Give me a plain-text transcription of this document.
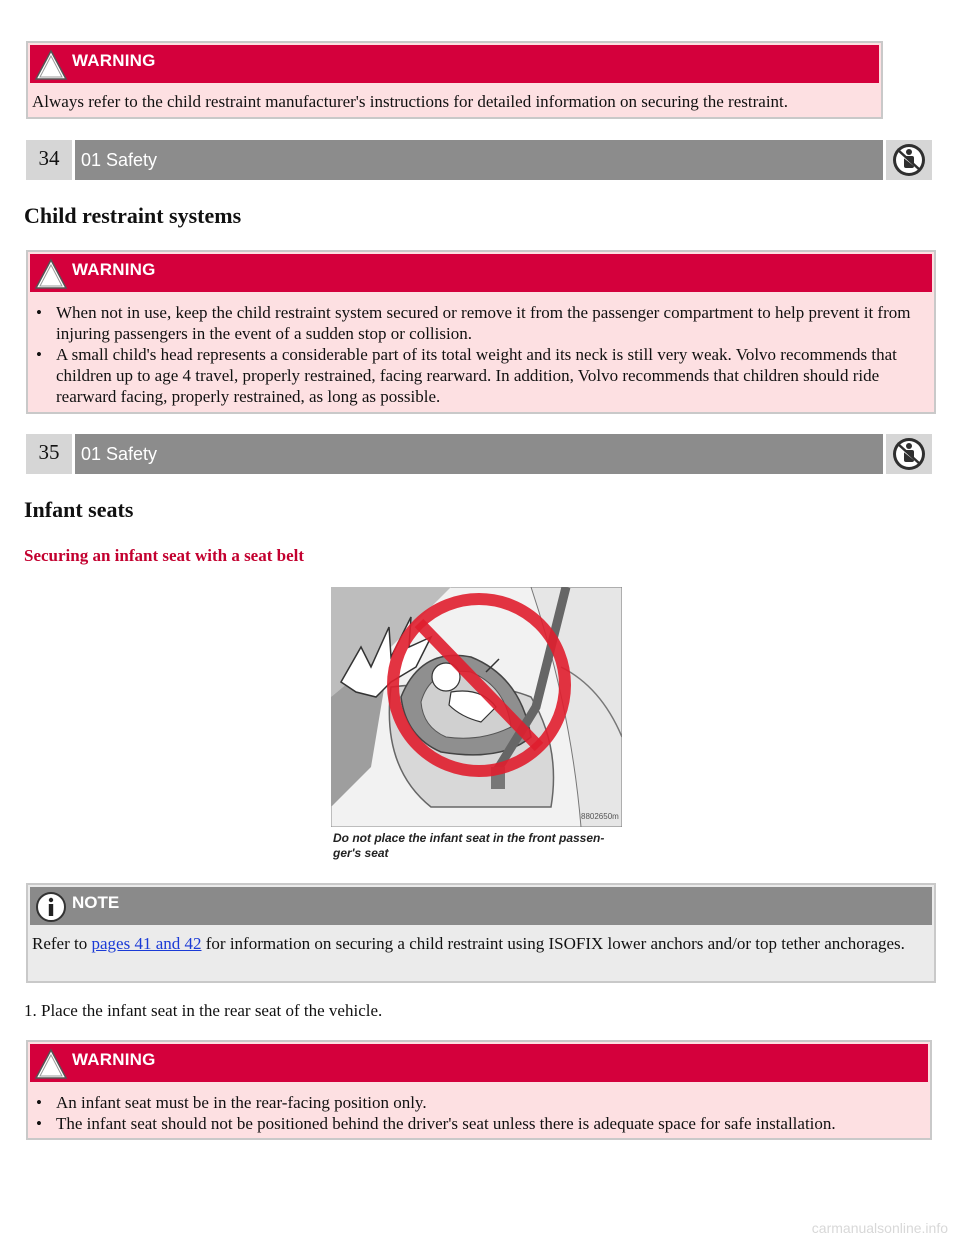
WARNING
Always refer to the child restraint manufacturer's instructions for detailed information on securing the restraint.
34	01 Safety
Child restraint systems
WARNING
• When not in use, keep the child restraint system secured or remove it from the passenger compartment to help prevent it from injuring passengers in the event of a sudden stop or collision.
• A small child's head represents a considerable part of its total weight and its neck is still very weak. Volvo recommends that children up to age 4 travel, properly restrained, facing rearward. In addition, Volvo recommends that children should ride rearward facing, properly restrained, as long as possible.
35	01 Safety
Infant seats
Securing an infant seat with a seat belt
8802650m
Do not place the infant seat in the front passen-
ger's seat
NOTE
Refer to pages 41 and 42 for information on securing a child restraint using ISOFIX lower anchors and/or top tether anchorages.
1. Place the infant seat in the rear seat of the vehicle.
WARNING
• An infant seat must be in the rear-facing position only.
• The infant seat should not be positioned behind the driver's seat unless there is adequate space for safe installation.
carmanualsonline.info
